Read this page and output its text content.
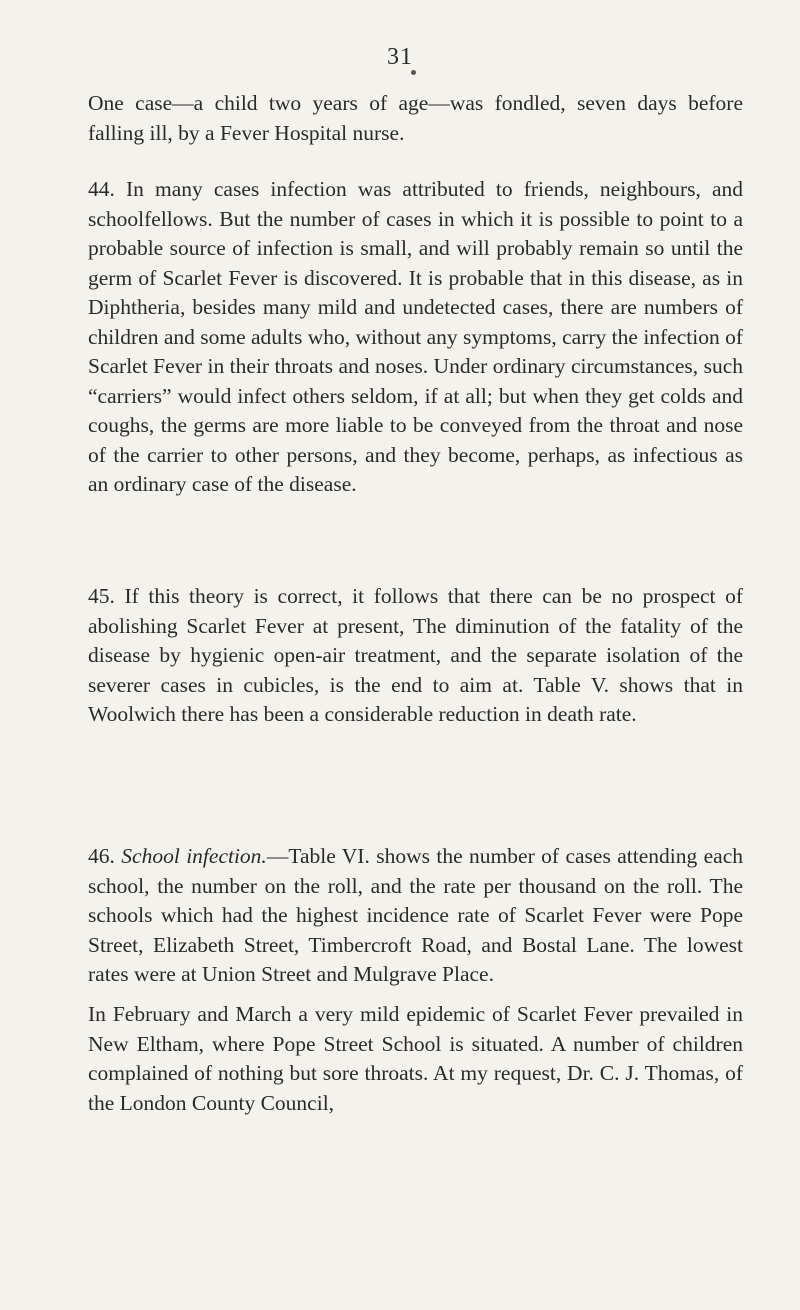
31

One case—a child two years of age—was fondled, seven days before falling ill, by a Fever Hospital nurse.

44. In many cases infection was attributed to friends, neighbours, and schoolfellows. But the number of cases in which it is possible to point to a probable source of infection is small, and will probably remain so until the germ of Scarlet Fever is discovered. It is probable that in this disease, as in Diphtheria, besides many mild and undetected cases, there are numbers of children and some adults who, without any symptoms, carry the infection of Scarlet Fever in their throats and noses. Under ordinary circumstances, such “carriers” would infect others seldom, if at all; but when they get colds and coughs, the germs are more liable to be conveyed from the throat and nose of the carrier to other persons, and they become, perhaps, as infectious as an ordinary case of the disease.

45. If this theory is correct, it follows that there can be no prospect of abolishing Scarlet Fever at present, The diminution of the fatality of the disease by hygienic open-air treatment, and the separate isolation of the severer cases in cubicles, is the end to aim at. Table V. shows that in Woolwich there has been a considerable reduction in death rate.

46. School infection.—Table VI. shows the number of cases attending each school, the number on the roll, and the rate per thousand on the roll. The schools which had the highest incidence rate of Scarlet Fever were Pope Street, Elizabeth Street, Timbercroft Road, and Bostal Lane. The lowest rates were at Union Street and Mulgrave Place.

In February and March a very mild epidemic of Scarlet Fever prevailed in New Eltham, where Pope Street School is situated. A number of children complained of nothing but sore throats. At my request, Dr. C. J. Thomas, of the London County Council,
